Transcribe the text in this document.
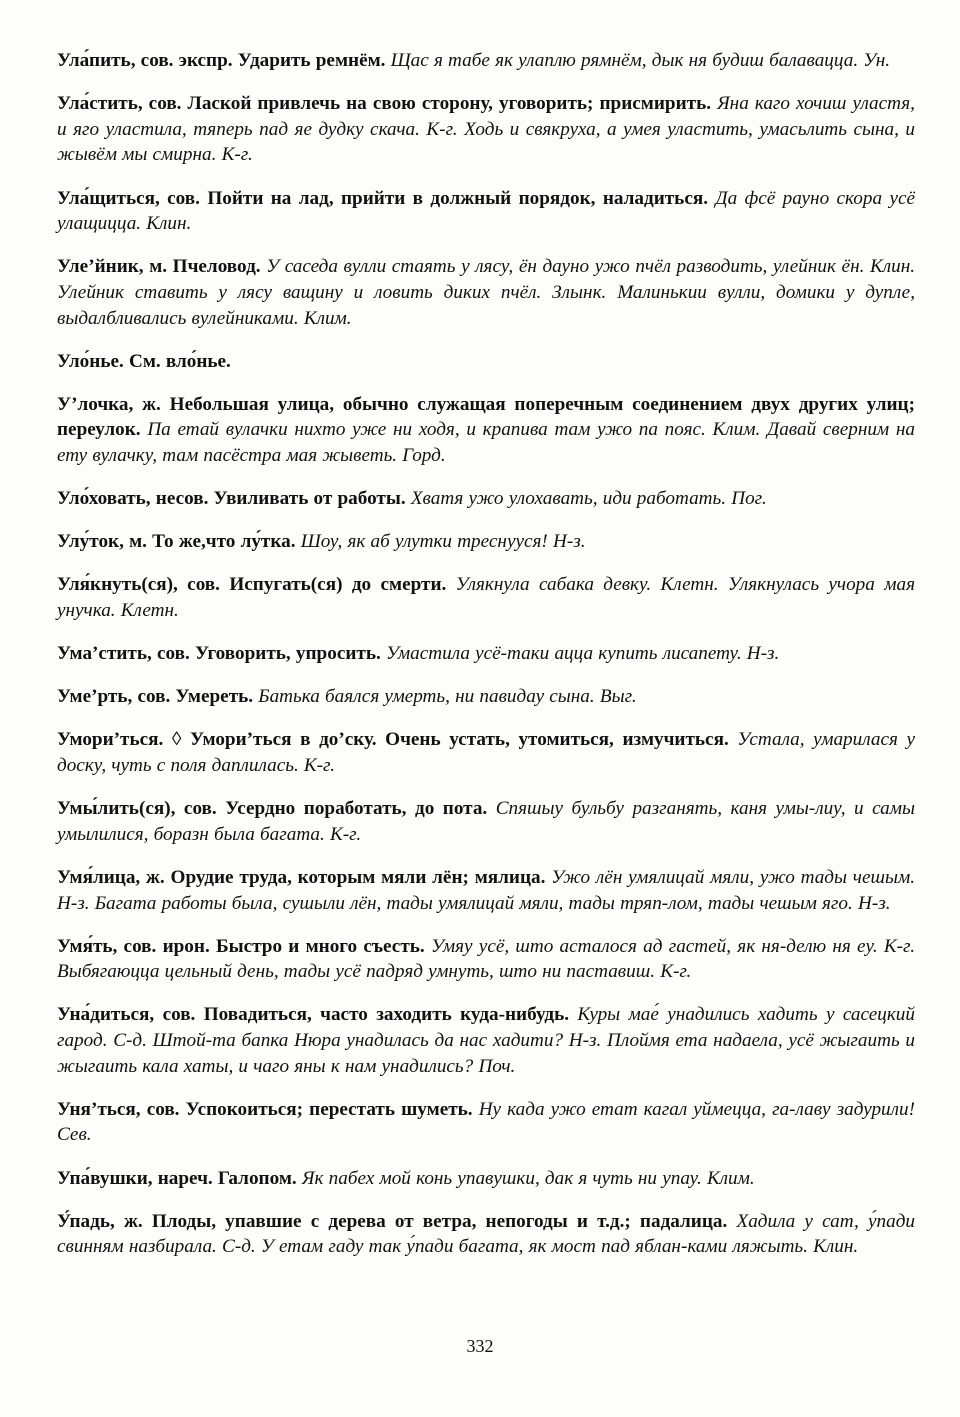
Ула́пить, сов. экспр. Ударить ремнём. Щас я табе як улаплю рямнём, дык ня будиш балавацца. Ун.

Ула́стить, сов. Лаской привлечь на свою сторону, уговорить; присмирить. Яна каго хочиш уластя, и яго уластила, тяперь пад яе дудку скача. К-г. Ходь и свякруха, а умея уластить, умасьлить сына, и жывём мы смирна. К-г.

Ула́щиться, сов. Пойти на лад, прийти в должный порядок, наладиться. Да фсё рауно скора усё улащицца. Клин.

Уле’йник, м. Пчеловод. У саседа вулли стаять у лясу, ён дауно ужо пчёл разводить, улейник ён. Клин. Улейник ставить у лясу ващину и ловить диких пчёл. Злынк. Малинькии вулли, домики у дупле, выдалбливались вулейниками. Клим.

Уло́нье. См. вло́нье.

У’лочка, ж. Небольшая улица, обычно служащая поперечным соединением двух других улиц; переулок. Па етай вулачки нихто уже ни ходя, и крапива там ужо па пояс. Клим. Давай сверним на ету вулачку, там пасёстра мая жыветь. Горд.

Уло́ховать, несов. Увиливать от работы. Хватя ужо улохавать, иди работать. Пог.

Улу́ток, м. То же,что лу́тка. Шоу, як аб улутки треснууся! Н-з.

Уля́кнуть(ся), сов. Испугать(ся) до смерти. Улякнула сабака девку. Клетн. Улякнулась учора мая унучка. Клетн.

Ума’стить, сов. Уговорить, упросить. Умастила усё-таки ацца купить лисапету. Н-з.

Уме’рть, сов. Умереть. Батька баялся умерть, ни павидау сына. Выг.

Умори’ться. ◊ Умори’ться в до’ску. Очень устать, утомиться, измучиться. Устала, умарилася у доску, чуть с поля даплилась. К-г.

Умы́лить(ся), сов. Усердно поработать, до пота. Спяшыу бульбу разганять, каня умы-лиу, и самы умылилися, боразн была багата. К-г.

Умя́лица, ж. Орудие труда, которым мяли лён; мялица. Ужо лён умялицай мяли, ужо тады чешым. Н-з. Багата работы была, сушыли лён, тады умялицай мяли, тады тряп-лом, тады чешым яго. Н-з.

Умя́ть, сов. ирон. Быстро и много съесть. Умяу усё, што асталося ад гастей, як ня-делю ня еу. К-г. Выбягаюцца цельный день, тады усё падряд умнуть, што ни паставиш. К-г.

Уна́диться, сов. Повадиться, часто заходить куда-нибудь. Куры мае́ унадились хадить у сасецкий гарод. С-д. Штой-та бапка Нюра унадилась да нас хадити? Н-з. Плоймя ета надаела, усё жыгаить и жыгаить кала хаты, и чаго яны к нам унадились? Поч.

Уня’ться, сов. Успокоиться; перестать шуметь. Ну када ужо етат кагал уймецца, га-лаву задурили! Сев.

Упа́вушки, нареч. Галопом. Як пабех мой конь упавушки, дак я чуть ни упау. Клим.

У́падь, ж. Плоды, упавшие с дерева от ветра, непогоды и т.д.; падалица. Хадила у сат, у́пади свинням назбирала. С-д. У етам гаду так у́пади багата, як мост пад яблан-ками ляжыть. Клин.

332
